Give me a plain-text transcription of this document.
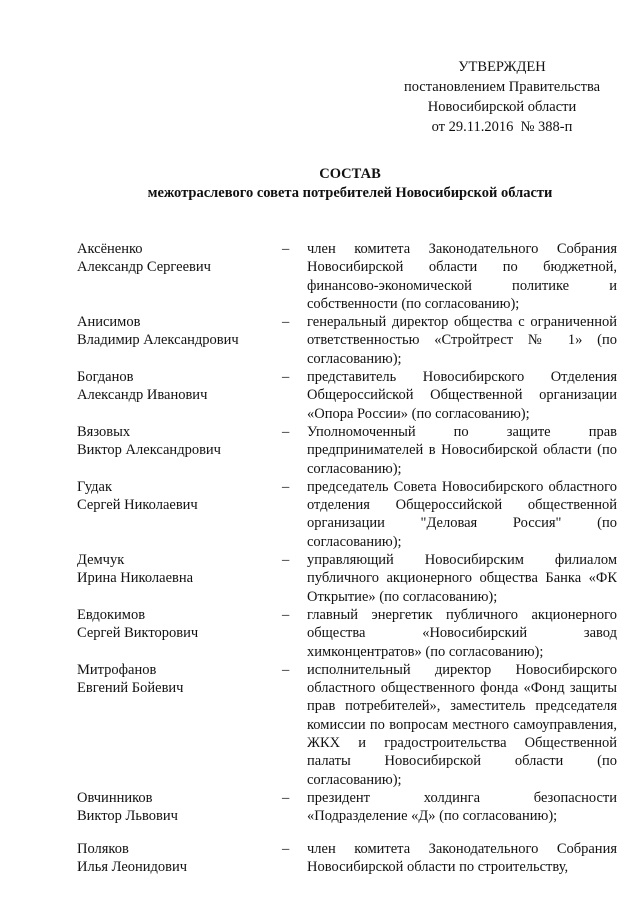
УТВЕРЖДЕН
постановлением Правительства
Новосибирской области
от 29.11.2016  № 388-п
СОСТАВ
межотраслевого совета потребителей Новосибирской области
Аксёненко
Александр Сергеевич
–	член комитета Законодательного Собрания Новосибирской области по бюджетной, финансово-экономической политике и собственности (по согласованию);
Анисимов
Владимир Александрович
–	генеральный директор общества с ограниченной ответственностью «Стройтрест № 1» (по согласованию);
Богданов
Александр Иванович
–	представитель Новосибирского Отделения Общероссийской Общественной организации «Опора России» (по согласованию);
Вязовых
Виктор Александрович
–	Уполномоченный по защите прав предпринимателей в Новосибирской области (по согласованию);
Гудак
Сергей Николаевич
–	председатель Совета Новосибирского областного отделения Общероссийской общественной организации "Деловая Россия" (по согласованию);
Демчук
Ирина Николаевна
–	управляющий Новосибирским филиалом публичного акционерного общества Банка «ФК Открытие» (по согласованию);
Евдокимов
Сергей Викторович
–	главный энергетик публичного акционерного общества «Новосибирский завод химконцентратов» (по согласованию);
Митрофанов
Евгений Бойевич
–	исполнительный директор Новосибирского областного общественного фонда «Фонд защиты прав потребителей», заместитель председателя комиссии по вопросам местного самоуправления, ЖКХ и градостроительства Общественной палаты Новосибирской области (по согласованию);
Овчинников
Виктор Львович
–	президент холдинга безопасности «Подразделение «Д» (по согласованию);
Поляков
Илья Леонидович
–	член комитета Законодательного Собрания Новосибирской области по строительству,
